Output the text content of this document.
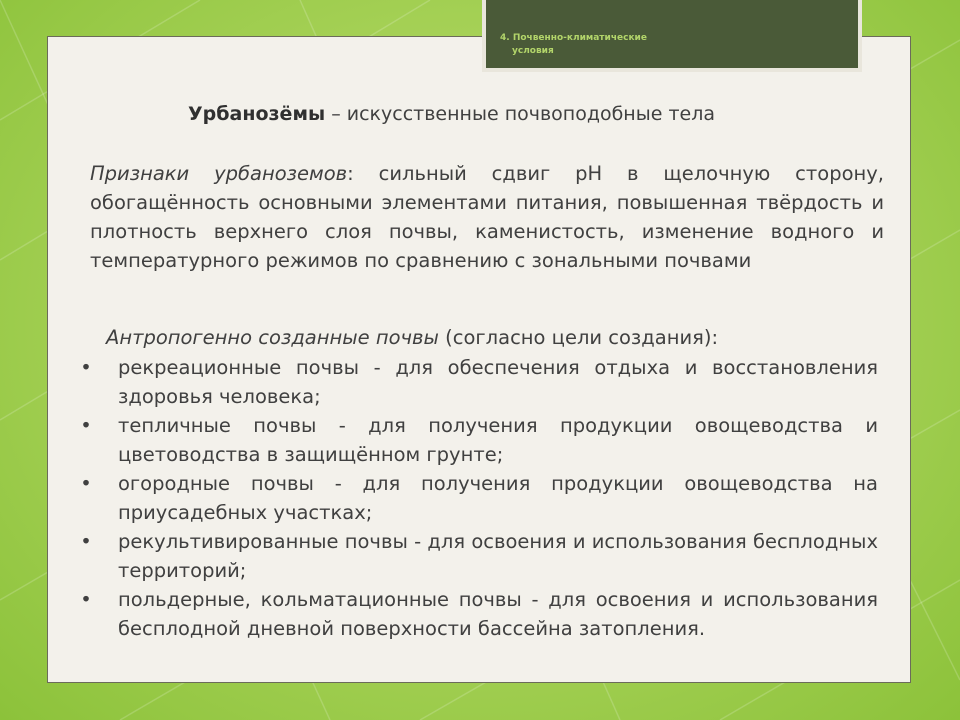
Урбанозёмы – искусственные почвоподобные тела
Признаки урбаноземов: сильный сдвиг pH в щелочную сторону, обогащённость основными элементами питания, повышенная твёрдость и плотность верхнего слоя почвы, каменистость, изменение водного и температурного режимов по сравнению с зональными почвами
Антропогенно созданные почвы (согласно цели создания):
• рекреационные почвы - для обеспечения отдыха и восстановления здоровья человека;
• тепличные почвы - для получения продукции овощеводства и цветоводства в защищённом грунте;
• огородные почвы - для получения продукции овощеводства на приусадебных участках;
• рекультивированные почвы - для освоения и использования бесплодных территорий;
• польдерные, кольматационные почвы - для освоения и использования бесплодной дневной поверхности бассейна затопления.
4. Почвенно-климатические
условия
